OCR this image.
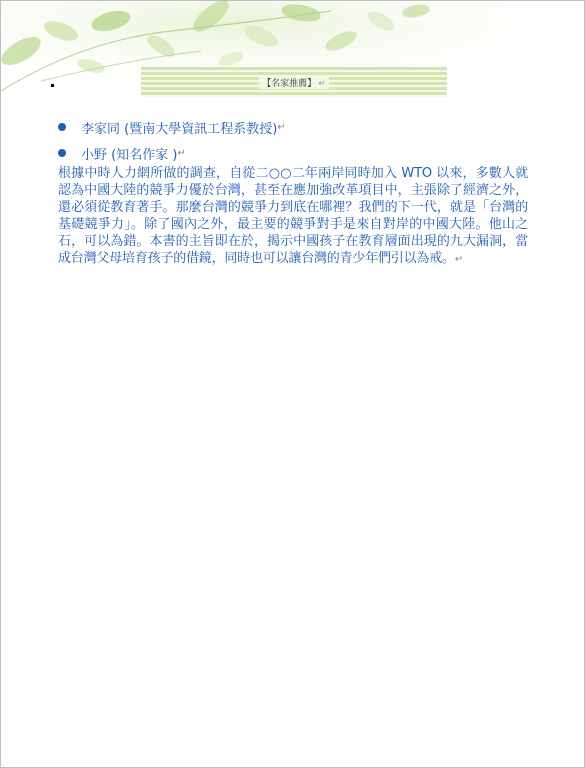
【名家推薦】 ↵
李家同 (暨南大學資訊工程系教授) ↵
小野 (知名作家 ) ↵

根據中時人力網所做的調查，自從二○○二年兩岸同時加入 WTO 以來，多數人就認為中國大陸的競爭力優於台灣，甚至在應加強改革項目中，主張除了經濟之外，還必須從教育著手。那麼台灣的競爭力到底在哪裡？我們的下一代，就是「台灣的基礎競爭力」。除了國內之外，最主要的競爭對手是來自對岸的中國大陸。他山之石，可以為錯。本書的主旨即在於，揭示中國孩子在教育層面出現的九大漏洞，當成台灣父母培育孩子的借鏡，同時也可以讓台灣的青少年們引以為戒。↵
